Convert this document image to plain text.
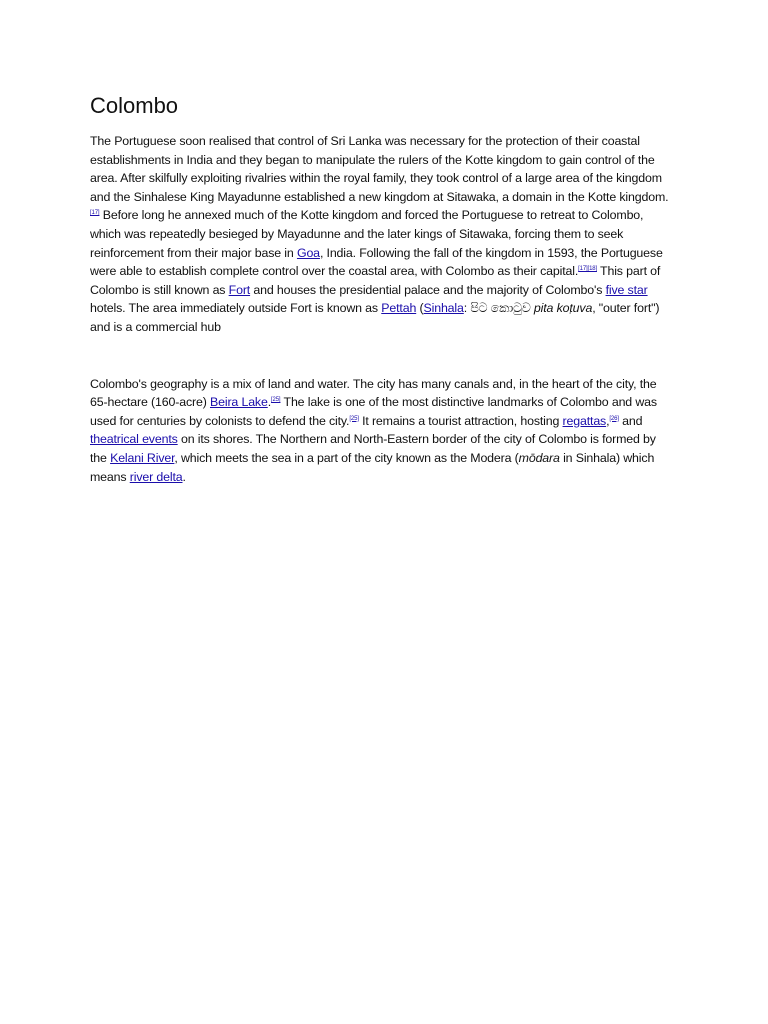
Colombo

The Portuguese soon realised that control of Sri Lanka was necessary for the protection of their coastal establishments in India and they began to manipulate the rulers of the Kotte kingdom to gain control of the area. After skilfully exploiting rivalries within the royal family, they took control of a large area of the kingdom and the Sinhalese King Mayadunne established a new kingdom at Sitawaka, a domain in the Kotte kingdom.[17] Before long he annexed much of the Kotte kingdom and forced the Portuguese to retreat to Colombo, which was repeatedly besieged by Mayadunne and the later kings of Sitawaka, forcing them to seek reinforcement from their major base in Goa, India. Following the fall of the kingdom in 1593, the Portuguese were able to establish complete control over the coastal area, with Colombo as their capital.[17][18] This part of Colombo is still known as Fort and houses the presidential palace and the majority of Colombo's five star hotels. The area immediately outside Fort is known as Pettah (Sinhala: පිට කොටුව pita koṭuva, "outer fort") and is a commercial hub

Colombo's geography is a mix of land and water. The city has many canals and, in the heart of the city, the 65-hectare (160-acre) Beira Lake.[25] The lake is one of the most distinctive landmarks of Colombo and was used for centuries by colonists to defend the city.[25] It remains a tourist attraction, hosting regattas,[26] and theatrical events on its shores. The Northern and North-Eastern border of the city of Colombo is formed by the Kelani River, which meets the sea in a part of the city known as the Modera (mōdara in Sinhala) which means river delta.
